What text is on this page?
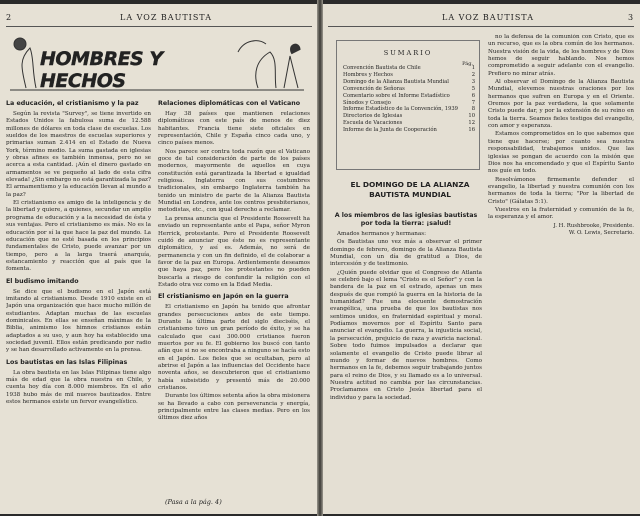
2	LA VOZ BAUTISTA
HOMBRES Y HECHOS
La educación, el cristianismo y la paz

Según la revista "Survey", se tiene invertido en Estados Unidos la fabulosa suma de 12.588 millones de dólares en toda clase de escuelas. Los sueldos de los maestros de escuelas superiores y primarias suman 2.414 en el Estado de Nueva York, término medio. La suma gastada en iglesias y obras afines es también inmensa, pero no se acerca a esta cantidad. ¡Aún el dinero gastado en armamentos se ve pequeño al lado de esta cifra elevada! ¿Sin embargo no está garantizada la paz? El armamentismo y la educación llevan al mundo a la paz?

El cristianismo es amigo de la inteligencia y de la libertad y quiere, a quienes, secundar un amplio programa de educación y a la necesidad de ésta y sus ventajas. Pero el cristianismo es más. No es la educación por sí la que hace la paz del mundo. La educación que no esté basada en los principios fundamentales de Cristo, puede avanzar por un tiempo, pero a la larga traerá anarquía, estancamiento y reacción que al país que la fomenta.

El budismo imitando

Se dice que el budismo en el Japón está imitando al cristianismo. Desde 1910 existe en el Japón una organización que hace mucho millón de estudiantes. Adaptan muchas de las escuelas dominicales. En ellas se enseñan máximas de la Biblia, animismo los himnos cristianos están adaptados a su uso, y aun hoy ha establecido una sociedad juvenil. Ellos están predicando por radio y se han desarrollado activamente en la prensa.

Los bautistas en las Islas Filipinas

La obra bautista en las Islas Filipinas tiene algo más de edad que la obra nuestra en Chile, y cuenta hoy día con 8.000 miembros. En el año 1938 hubo más de mil nuevos bautizados. Entre estos hermanos existe un fervor evangelístico.

Relaciones diplomáticas con el Vaticano

Hay 38 países que mantienen relaciones diplomáticas con este país de menos de diez habitantes. Francia tiene siete oficiales en representación, Chile y España cinco cada uno, y cinco países menos.

Nos parece ser contra toda razón que el Vaticano goce de tal consideración de parte de los países modernos, mayormente de aquellos en cuya constitución está garantizada la libertad e igualdad religiosa. Inglaterra con sus costumbres tradicionales, sin embargo Inglaterra también ha tenido un ministro de parte de la Alianza Bautista Mundial en Londres, ante los centros presbiterianos, metodistas, etc., con igual derecho a reclamar.

La prensa anuncia que el Presidente Roosevelt ha enviado un representante ante el Papa, señor Myron Herrick, protestante. Pero el Presidente Roosevelt cuidó de anunciar que éste no es representante diplomático, y así es. Además, no será de permanencia y con un fin definido, el de colaborar a favor de la paz en Europa. Ardientemente deseamos que haya paz, pero los protestantes no pueden buscarla a riesgo de confundir la religión con el Estado otra vez como en la Edad Media.

El cristianismo en Japón en la guerra

El cristianismo en Japón ha tenido que afrontar grandes persecuciones antes de este tiempo. Durante la última parte del siglo dieciséis, el cristianismo tuvo un gran período de éxito, y se ha calculado que casi 300.000 cristianos fueron muertos por su fe. El gobierno los buscó con tanto afán que si no se encontraba a ninguno se hacía esto en el Japón. Los fieles que se ocultaban, pero al abrirse el Japón a las influencias del Occidente hace noventa años, se descubrieron que el cristianismo había subsistido y presentó más de 20.000 cristianos.

Durante los últimos setenta años la obra misionera se ha llevado a cabo con perseverancia y energía, principalmente entre las clases medias. Pero en los últimos diez años

(Pasa a la pág. 4)
LA VOZ BAUTISTA	3
SUMARIO
Pág.
Convención Bautista de Chile	1
Hombres y Hechos	2
Domingo de la Alianza Bautista Mundial	3
Convención de Señoras	5
Comentario sobre el Informe Estadístico	6
Sínodos y Consejo	7
Informe Estadístico de la Convención, 1939	8
Directorios de Iglesias	10
Escuela de Vacaciones	12
Informe de la Junta de Cooperación	16
EL DOMINGO DE LA ALIANZA BAUTISTA MUNDIAL
A los miembros de las iglesias bautistas por toda la tierra: ¡salud!

Amados hermanos y hermanas:

Os Bautistas uno vez más a observar el primer domingo de febrero, domingo de la Alianza Bautista Mundial, con un día de gratitud a Dios, de intercesión y de testimonio.

¿Quién puede olvidar que el Congreso de Atlanta se celebró bajo el lema "Cristo es el Señor" y con la bandera de la paz en el estrado, apenas un mes después de que rompió la guerra en la historia de la humanidad? Fue una elocuente demostración evangélica, una prueba de que los bautistas nos sentimos unidos, en fraternidad espiritual y moral. Podíamos movernos por el Espíritu Santo para anunciar el evangelio. La guerra, la injusticia social, la persecución, prejuicio de raza y avaricia nacional. Sobre todo fuimos impulsados a declarar que solamente el evangelio de Cristo puede librar al mundo y formar de nuevos hombres. Como hermanos en la fe, debemos seguir trabajando juntos para el reino de Dios, y su llamado es a lo universal. Nuestra actitud no cambia por las circunstancias. Proclamamos en Cristo Jesús libertad para el individuo y para la sociedad.

no la defensa de la comunión con Cristo, que es un recurso, que es la obra común de los hermanos. Nuestra visión de la vida, de los hombres y de Dios hemos de seguir hablando. Nos hemos comprometido a seguir adelante con el evangelio. Prefiero no mirar atrás.

Al observar el Domingo de la Alianza Bautista Mundial, elevemos nuestras oraciones por los hermanos que sufren en Europa y en el Oriente. Oremos por la paz verdadera, la que solamente Cristo puede dar, y por la extensión de su reino en toda la tierra. Seamos fieles testigos del evangelio, con amor y esperanza.

Estamos comprometidos en lo que sabemos que tiene que hacerse; por cuanto sea nuestra responsabilidad, trabajemos unidos. Que las iglesias se pongan de acuerdo con la misión que Dios nos ha encomendado y que el Espíritu Santo nos guíe en todo.

Resolvámonos firmemente defender el evangelio, la libertad y nuestra comunión con los hermanos de toda la tierra; "Por la libertad de Cristo" (Gálatas 5:1).

Vuestros en la fraternidad y comunión de la fe, la esperanza y el amor.

J. H. Rushbrooke, Presidente.
W. O. Lewis, Secretario.
